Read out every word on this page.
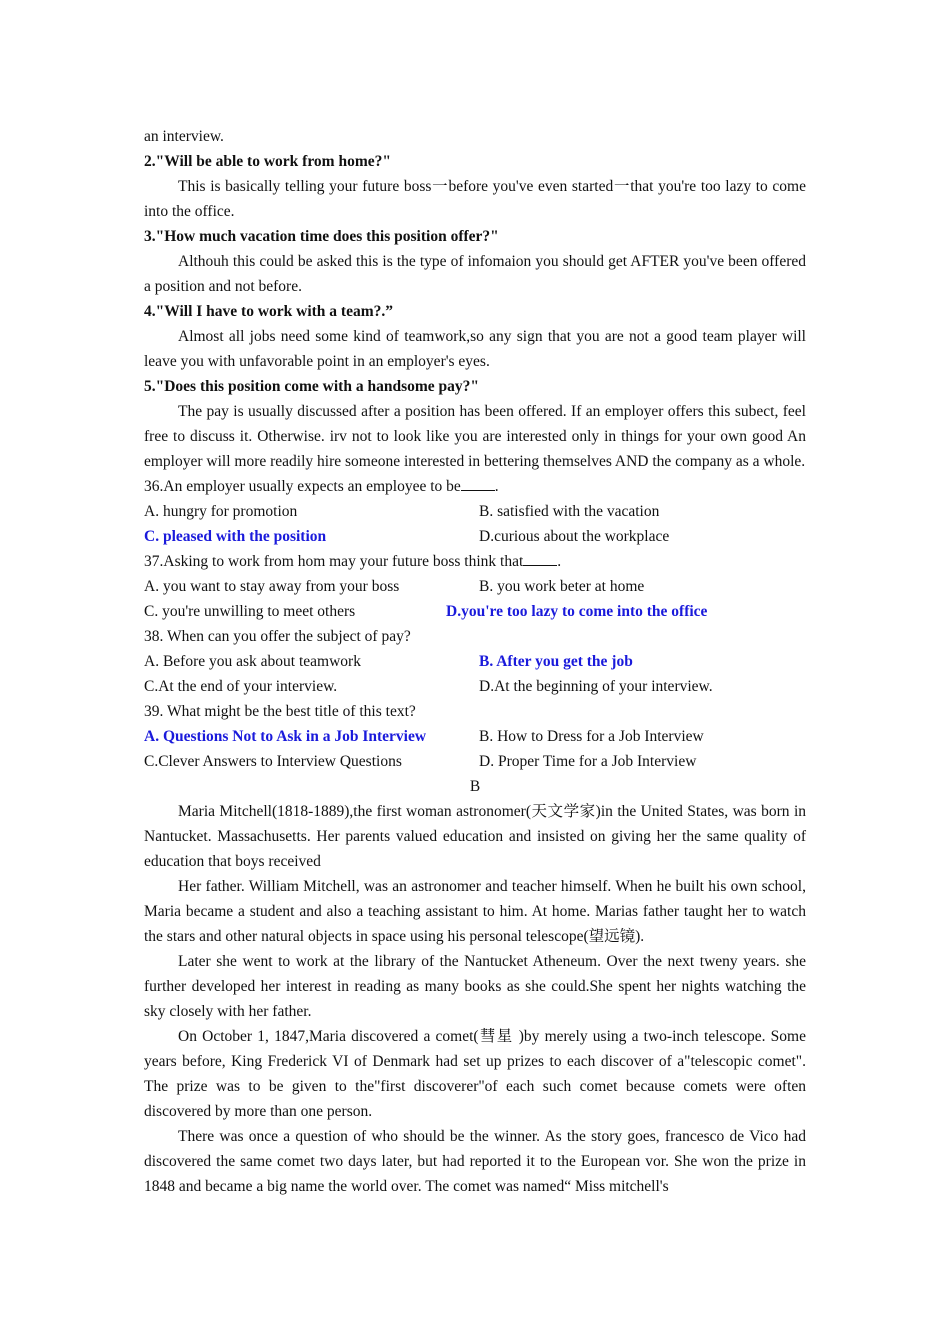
an interview.
2."Will be able to work from home?"
This is basically telling your future boss一before you've even started一that you're too lazy to come into the office.
3."How much vacation time does this position offer?"
Althouh this could be asked this is the type of infomaion you should get AFTER you've been offered a position and not before.
4."Will I have to work with a team?.”
Almost all jobs need some kind of teamwork,so any sign that you are not a good team player will leave you with unfavorable point in an employer's eyes.
5."Does this position come with a handsome pay?"
The pay is usually discussed after a position has been offered. If an employer offers this subect, feel free to discuss it. Otherwise. irv not to look like you are interested only in things for your own good An employer will more readily hire someone interested in bettering themselves AND the company as a whole.
36.An employer usually expects an employee to be .
A. hungry for promotion	B. satisfied with the vacation
C. pleased with the position	D.curious about the workplace
37.Asking to work from hom may your future boss think that .
A. you want to stay away from your boss	B. you work beter at home
C. you're unwilling to meet others	D.you're too lazy to come into the office
38. When can you offer the subject of pay?
A. Before you ask about teamwork	B. After you get the job
C.At the end of your interview.	D.At the beginning of your interview.
39. What might be the best title of this text?
A. Questions Not to Ask in a Job Interview	B. How to Dress for a Job Interview
C.Clever Answers to Interview Questions	D. Proper Time for a Job Interview
B
Maria Mitchell(1818-1889),the first woman astronomer(天文学家)in the United States, was born in Nantucket. Massachusetts. Her parents valued education and insisted on giving her the same quality of education that boys received
Her father. William Mitchell, was an astronomer and teacher himself. When he built his own school, Maria became a student and also a teaching assistant to him. At home. Marias father taught her to watch the stars and other natural objects in space using his personal telescope(望远镜).
Later she went to work at the library of the Nantucket Atheneum. Over the next tweny years. she further developed her interest in reading as many books as she could.She spent her nights watching the sky closely with her father.
On October 1, 1847,Maria discovered a comet(彗星 )by merely using a two-inch telescope. Some years before, King Frederick VI of Denmark had set up prizes to each discover of a"telescopic comet". The prize was to be given to the"first discoverer"of each such comet because comets were often discovered by more than one person.
There was once a question of who should be the winner. As the story goes, francesco de Vico had discovered the same comet two days later, but had reported it to the European vor. She won the prize in 1848 and became a big name the world over. The comet was named“ Miss mitchell's
